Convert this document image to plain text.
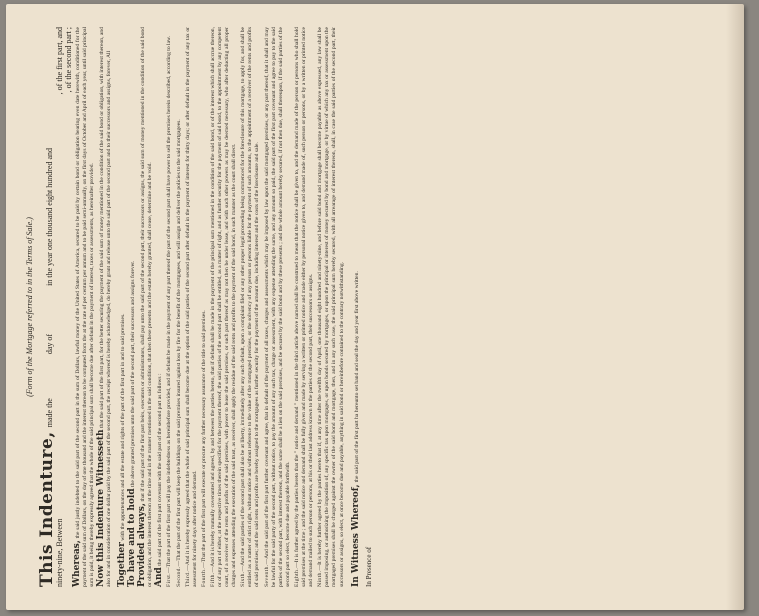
(Form of the Mortgage referred to in the Terms of Sale.)

This Indenture,  made the                      day of                        in the year one thousand eight hundred and

ninety-nine, Between
, of the first part, and

, of the second part ;

Whereas, the said justly indebted to the said part of the second part in the sum of Dollars, lawful money of the United States of America, secured to be paid by certain bond or obligation bearing even date herewith, conditioned for the payment of the said sum of Dollars, on the day of one thousand and the interest thereon to be computed from the at the rate of per centum per annum and to be paid semi-annually, on the first days of October and April of each year, until said principal sum is paid, it being thereby expressly agreed that the whole of the said principal sum shall become due after default in the payment of interest, taxes or assessments, as hereinafter provided. Now this Indenture Witnesseth that the said part of the first part, for the better securing the payment of the said sum of money mentioned in the condition of the said bond or obligation, with interest thereon, and also for and in consideration of one dollar paid by the said part of the second part, the receipt whereof is hereby acknowledged, do hereby grant and release unto the said part of the second part and to their successors and assigns, forever, All Together with the appurtenances and all the estate and rights of the part of the first part in and to said premises. To have and to hold the above granted premises unto the said part of the second part, their successors and assigns forever.

Provided always, that if the said part of the first part heirs, executors or administrators, shall pay unto the said part of the second part, their successors or assigns, the said sum of money mentioned in the condition of the said bond or obligation, and the interest thereon at the time and in the manner mentioned in the said condition, that then these presents and the estate hereby granted, shall cease, determine and be void. And the said part of the first part covenant with the said part of the second part as follows :

First.—That the part of the first part will pay the indebtedness as hereinbefore provided, and if default be made in the payment of any part thereof the part of the second part shall have power to sell the premises herein described, according to law.

Second.—That the part of the first part will keep the buildings on the said premises insured against loss by fire for the benefit of the mortgagees, and will assign and deliver the policies to the said mortgagees.

Third.—And it is hereby expressly agreed that the whole of said principal sum shall become due at the option of the said parties of the second part after default in the payment of interest for thirty days; or after default in the payment of any tax or assessment for ninety days after notice and demand. Fourth.—That the part of the first part will execute or procure any further necessary assurance of the title to said premises.

Fifth.—And it is hereby mutually covenanted and agreed, by and between the parties hereto, that if default shall be made in the payment of the principal sum mentioned in the condition of the said bond, or of the interest which shall accrue thereon, or of any part of either, at the respective times therein specified for the payment thereof, the said parties of the second part shall be entitled, as a matter of right, and as further security for the payment of said bond, to the appointment by any competent court, of a receiver of the rents and profits of the said premises, with power to lease the said premises, or such part thereof as may not then be under lease, and with such other powers as may be deemed necessary, who after deducting all proper charges and expenses attending the execution of the said trust, as receiver, shall apply the residue of the said rents and profits to the payment of the said bond, in such manner as the court shall direct. Sixth.—And the said parties of the second part shall also be at liberty, immediately after any such default, upon a complaint filed or any other proper legal proceeding being commenced for the foreclosure of this mortgage, to apply for, and shall be entitled as a matter of strict right, without notice and without reference to the value of the mortgaged premises, or the solvency of any person or persons liable for the payment of such amounts, to the appointment of a receiver of the rents and profits of said premises; and the said rents and profits are hereby assigned to the mortgagees as further security for the payment of the amount due, including interest and the costs of the foreclosure and sale. Seventh.—And the said part of the first part further covenant and agree, that in default of the payment of all taxes, charges and assessments which may be imposed by law upon the said mortgaged premises, or any part thereof, that it shall and may be lawful for the said party of the second part, without notice, to pay the amount of any such tax, charge or assessment, with any expense attending the same, and any amount so paid, the said part of the first part covenant and agree to pay to the said parties of the second part, with interest thereon, and the same shall be a lien on the said premises, and be secured by the said bond and by these presents ; and the whole amount hereby secured, if not then due, shall thereupon, if the said parties of the second part so elect, become due and payable forthwith. Eighth.—It is further agreed by the parties hereto that the " notice and demand " mentioned in the third article above named shall be construed to mean that the notice shall be given to, and the demand made of the person or persons who shall hold said premises at the time ; and the said notice and demand shall be fully given and made by serving a written or printed notice and made either by personal notice given to, and demand made of, such person or persons, or by a written or printed notice and demand mailed to such person or persons, at his or their last address known to the parties of the second part, their successors or assigns. Ninth.—It is hereby further agreed by the parties hereto that if, at any time after the twelfth day of April, one thousand eight hundred and ninety-nine, and before said bond and mortgage shall become payable as above expressed, any law shall be passed imposing, or authorizing the imposition of, any specific tax upon mortgages, or upon bonds secured by mortgages, or upon the principal or interest of money secured by bond and mortgage, or by virtue of which any tax or assessment upon the mortgaged premises shall be charged against the owner of the said bond and mortgage, then, and in any such case, the said principal sum hereby secured, with all arrearage of interest thereon, shall, in case the said parties of the second part, their successors or assigns, so elect, at once become due and payable, anything in said bond or hereinbefore contained to the contrary notwithstanding. In Witness Whereof, the said part of the first part ha hereunto set hand and seal the day and year first above written.

In Presence of
